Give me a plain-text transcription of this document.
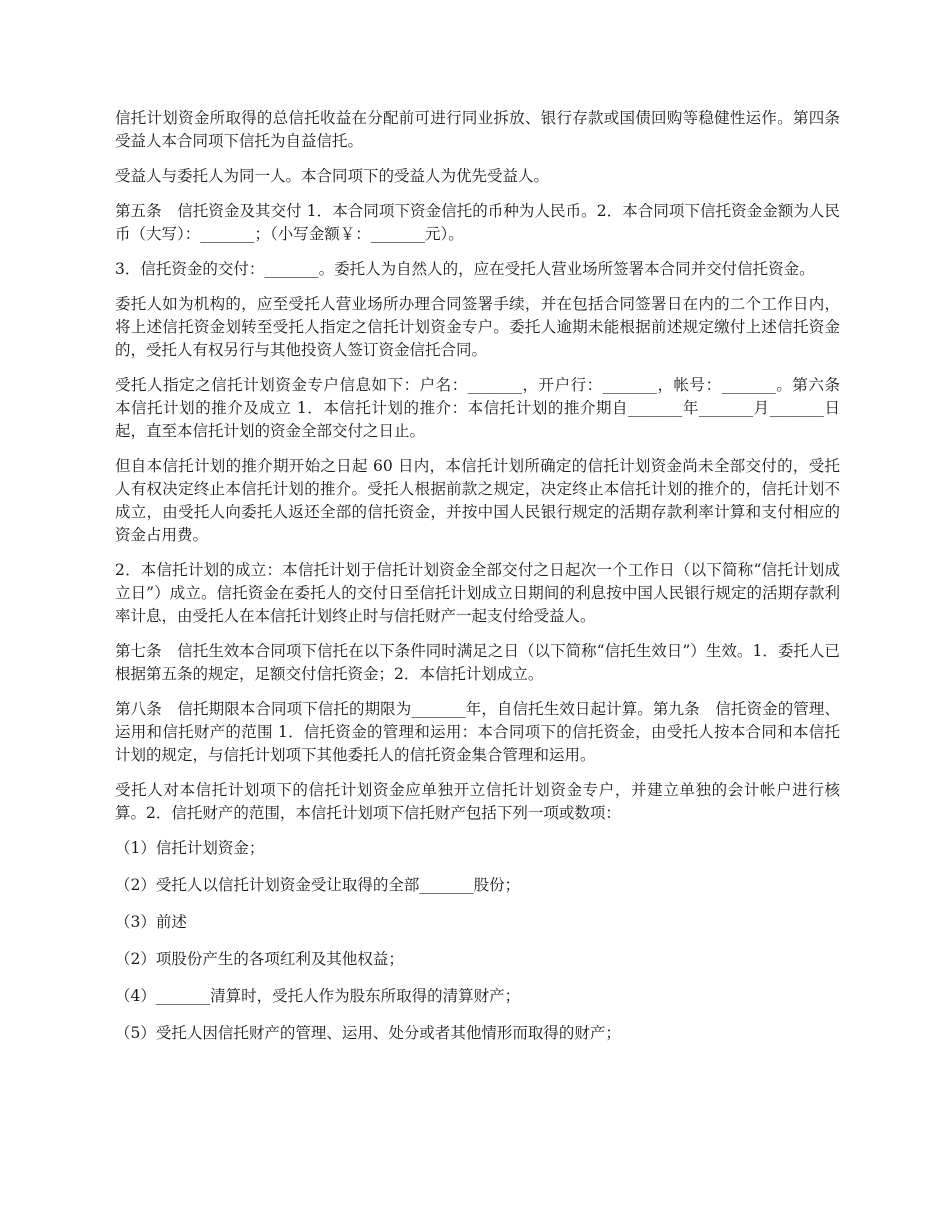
信托计划资金所取得的总信托收益在分配前可进行同业拆放、银行存款或国债回购等稳健性运作。第四条　受益人本合同项下信托为自益信托。

受益人与委托人为同一人。本合同项下的受益人为优先受益人。

第五条　信托资金及其交付 1．本合同项下资金信托的币种为人民币。2．本合同项下信托资金金额为人民币（大写）：_______；（小写金额￥：_______元）。

3．信托资金的交付：_______。委托人为自然人的，应在受托人营业场所签署本合同并交付信托资金。

委托人如为机构的，应至受托人营业场所办理合同签署手续，并在包括合同签署日在内的二个工作日内，将上述信托资金划转至受托人指定之信托计划资金专户。委托人逾期未能根据前述规定缴付上述信托资金的，受托人有权另行与其他投资人签订资金信托合同。

受托人指定之信托计划资金专户信息如下：户名：_______，开户行：_______，帐号：_______。第六条　本信托计划的推介及成立 1．本信托计划的推介：本信托计划的推介期自_______年_______月_______日起，直至本信托计划的资金全部交付之日止。

但自本信托计划的推介期开始之日起 60 日内，本信托计划所确定的信托计划资金尚未全部交付的，受托人有权决定终止本信托计划的推介。受托人根据前款之规定，决定终止本信托计划的推介的，信托计划不成立，由受托人向委托人返还全部的信托资金，并按中国人民银行规定的活期存款利率计算和支付相应的资金占用费。

2．本信托计划的成立：本信托计划于信托计划资金全部交付之日起次一个工作日（以下简称“信托计划成立日”）成立。信托资金在委托人的交付日至信托计划成立日期间的利息按中国人民银行规定的活期存款利率计息，由受托人在本信托计划终止时与信托财产一起支付给受益人。

第七条　信托生效本合同项下信托在以下条件同时满足之日（以下简称“信托生效日”）生效。1．委托人已根据第五条的规定，足额交付信托资金；2．本信托计划成立。

第八条　信托期限本合同项下信托的期限为_______年，自信托生效日起计算。第九条　信托资金的管理、运用和信托财产的范围 1．信托资金的管理和运用：本合同项下的信托资金，由受托人按本合同和本信托计划的规定，与信托计划项下其他委托人的信托资金集合管理和运用。

受托人对本信托计划项下的信托计划资金应单独开立信托计划资金专户，并建立单独的会计帐户进行核算。2．信托财产的范围，本信托计划项下信托财产包括下列一项或数项：

（1）信托计划资金；

（2）受托人以信托计划资金受让取得的全部_______股份；

（3）前述

（2）项股份产生的各项红利及其他权益；

（4）_______清算时，受托人作为股东所取得的清算财产；

（5）受托人因信托财产的管理、运用、处分或者其他情形而取得的财产；
